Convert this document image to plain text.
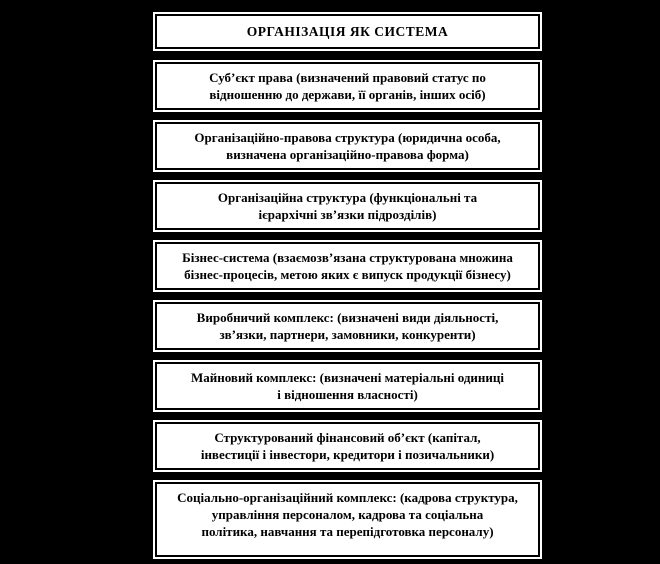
ОРГАНІЗАЦІЯ ЯК СИСТЕМА
Суб’єкт права (визначений правовий статус по
відношенню до держави, її органів, інших осіб)
Організаційно-правова структура (юридична особа,
визначена організаційно-правова форма)
Організаційна структура (функціональні та
ієрархічні зв’язки підрозділів)
Бізнес-система (взаємозв’язана структурована множина
бізнес-процесів, метою яких є випуск продукції бізнесу)
Виробничий комплекс: (визначені види діяльності,
зв’язки, партнери, замовники, конкуренти)
Майновий комплекс: (визначені матеріальні одиниці
і відношення власності)
Структурований фінансовий об’єкт (капітал,
інвестиції і інвестори, кредитори і позичальники)
Соціально-організаційний комплекс: (кадрова структура,
управління персоналом, кадрова та соціальна
політика, навчання та перепідготовка персоналу)
